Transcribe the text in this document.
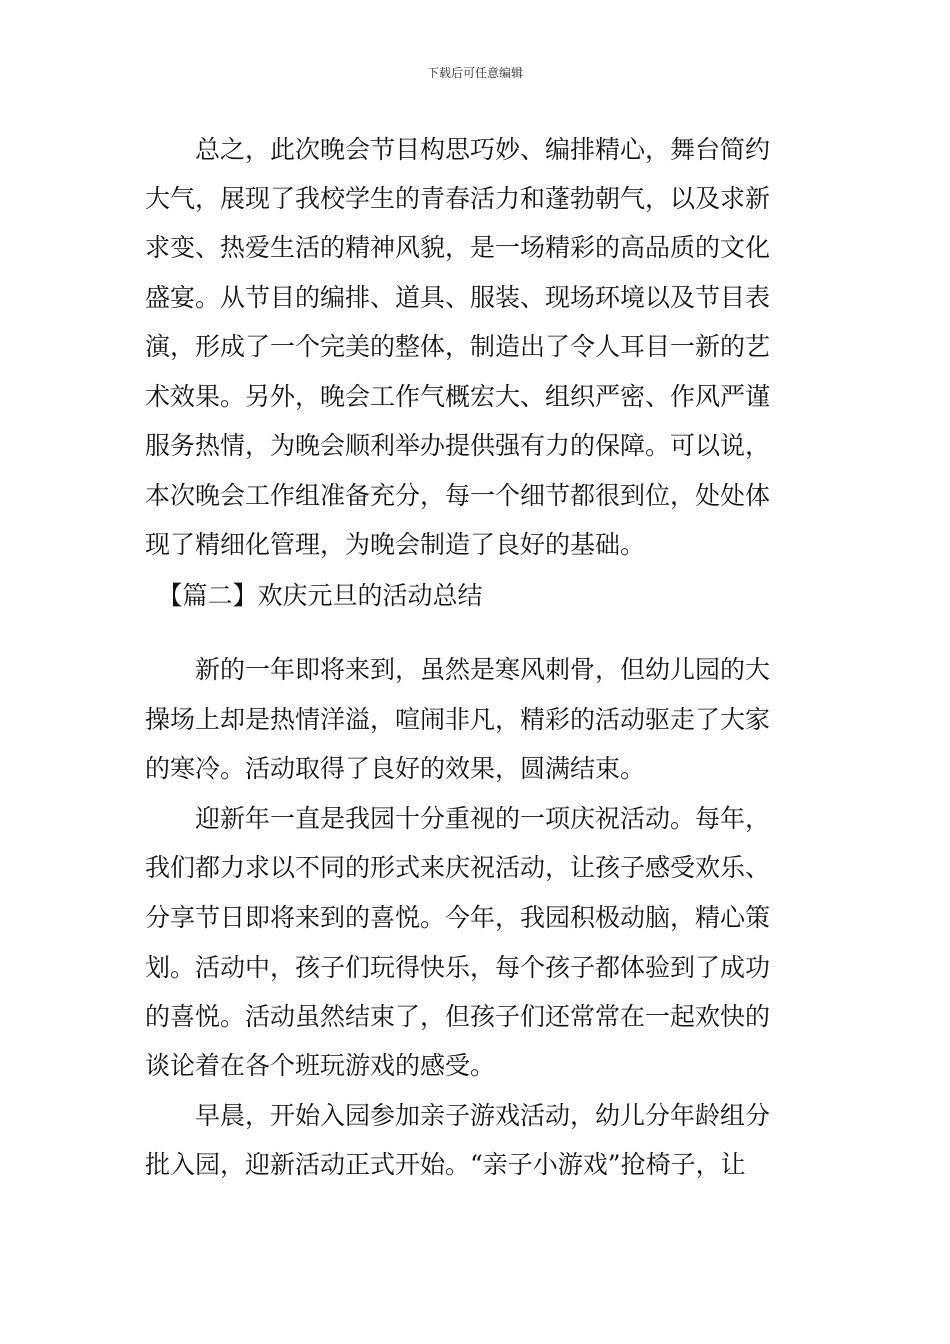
下载后可任意编辑
　　总之，此次晚会节目构思巧妙、编排精心，舞台简约
大气，展现了我校学生的青春活力和蓬勃朝气，以及求新
求变、热爱生活的精神风貌，是一场精彩的高品质的文化
盛宴。从节目的编排、道具、服装、现场环境以及节目表
演，形成了一个完美的整体，制造出了令人耳目一新的艺
术效果。另外，晚会工作气概宏大、组织严密、作风严谨
服务热情，为晚会顺利举办提供强有力的保障。可以说，
本次晚会工作组准备充分，每一个细节都很到位，处处体
现了精细化管理，为晚会制造了良好的基础。
　【篇二】欢庆元旦的活动总结
　　新的一年即将来到，虽然是寒风刺骨，但幼儿园的大
操场上却是热情洋溢，喧闹非凡，精彩的活动驱走了大家
的寒冷。活动取得了良好的效果，圆满结束。
　　迎新年一直是我园十分重视的一项庆祝活动。每年，
我们都力求以不同的形式来庆祝活动，让孩子感受欢乐、
分享节日即将来到的喜悦。今年，我园积极动脑，精心策
划。活动中，孩子们玩得快乐，每个孩子都体验到了成功
的喜悦。活动虽然结束了，但孩子们还常常在一起欢快的
谈论着在各个班玩游戏的感受。
　　早晨，开始入园参加亲子游戏活动，幼儿分年龄组分
批入园，迎新活动正式开始。“亲子小游戏”抢椅子，让
